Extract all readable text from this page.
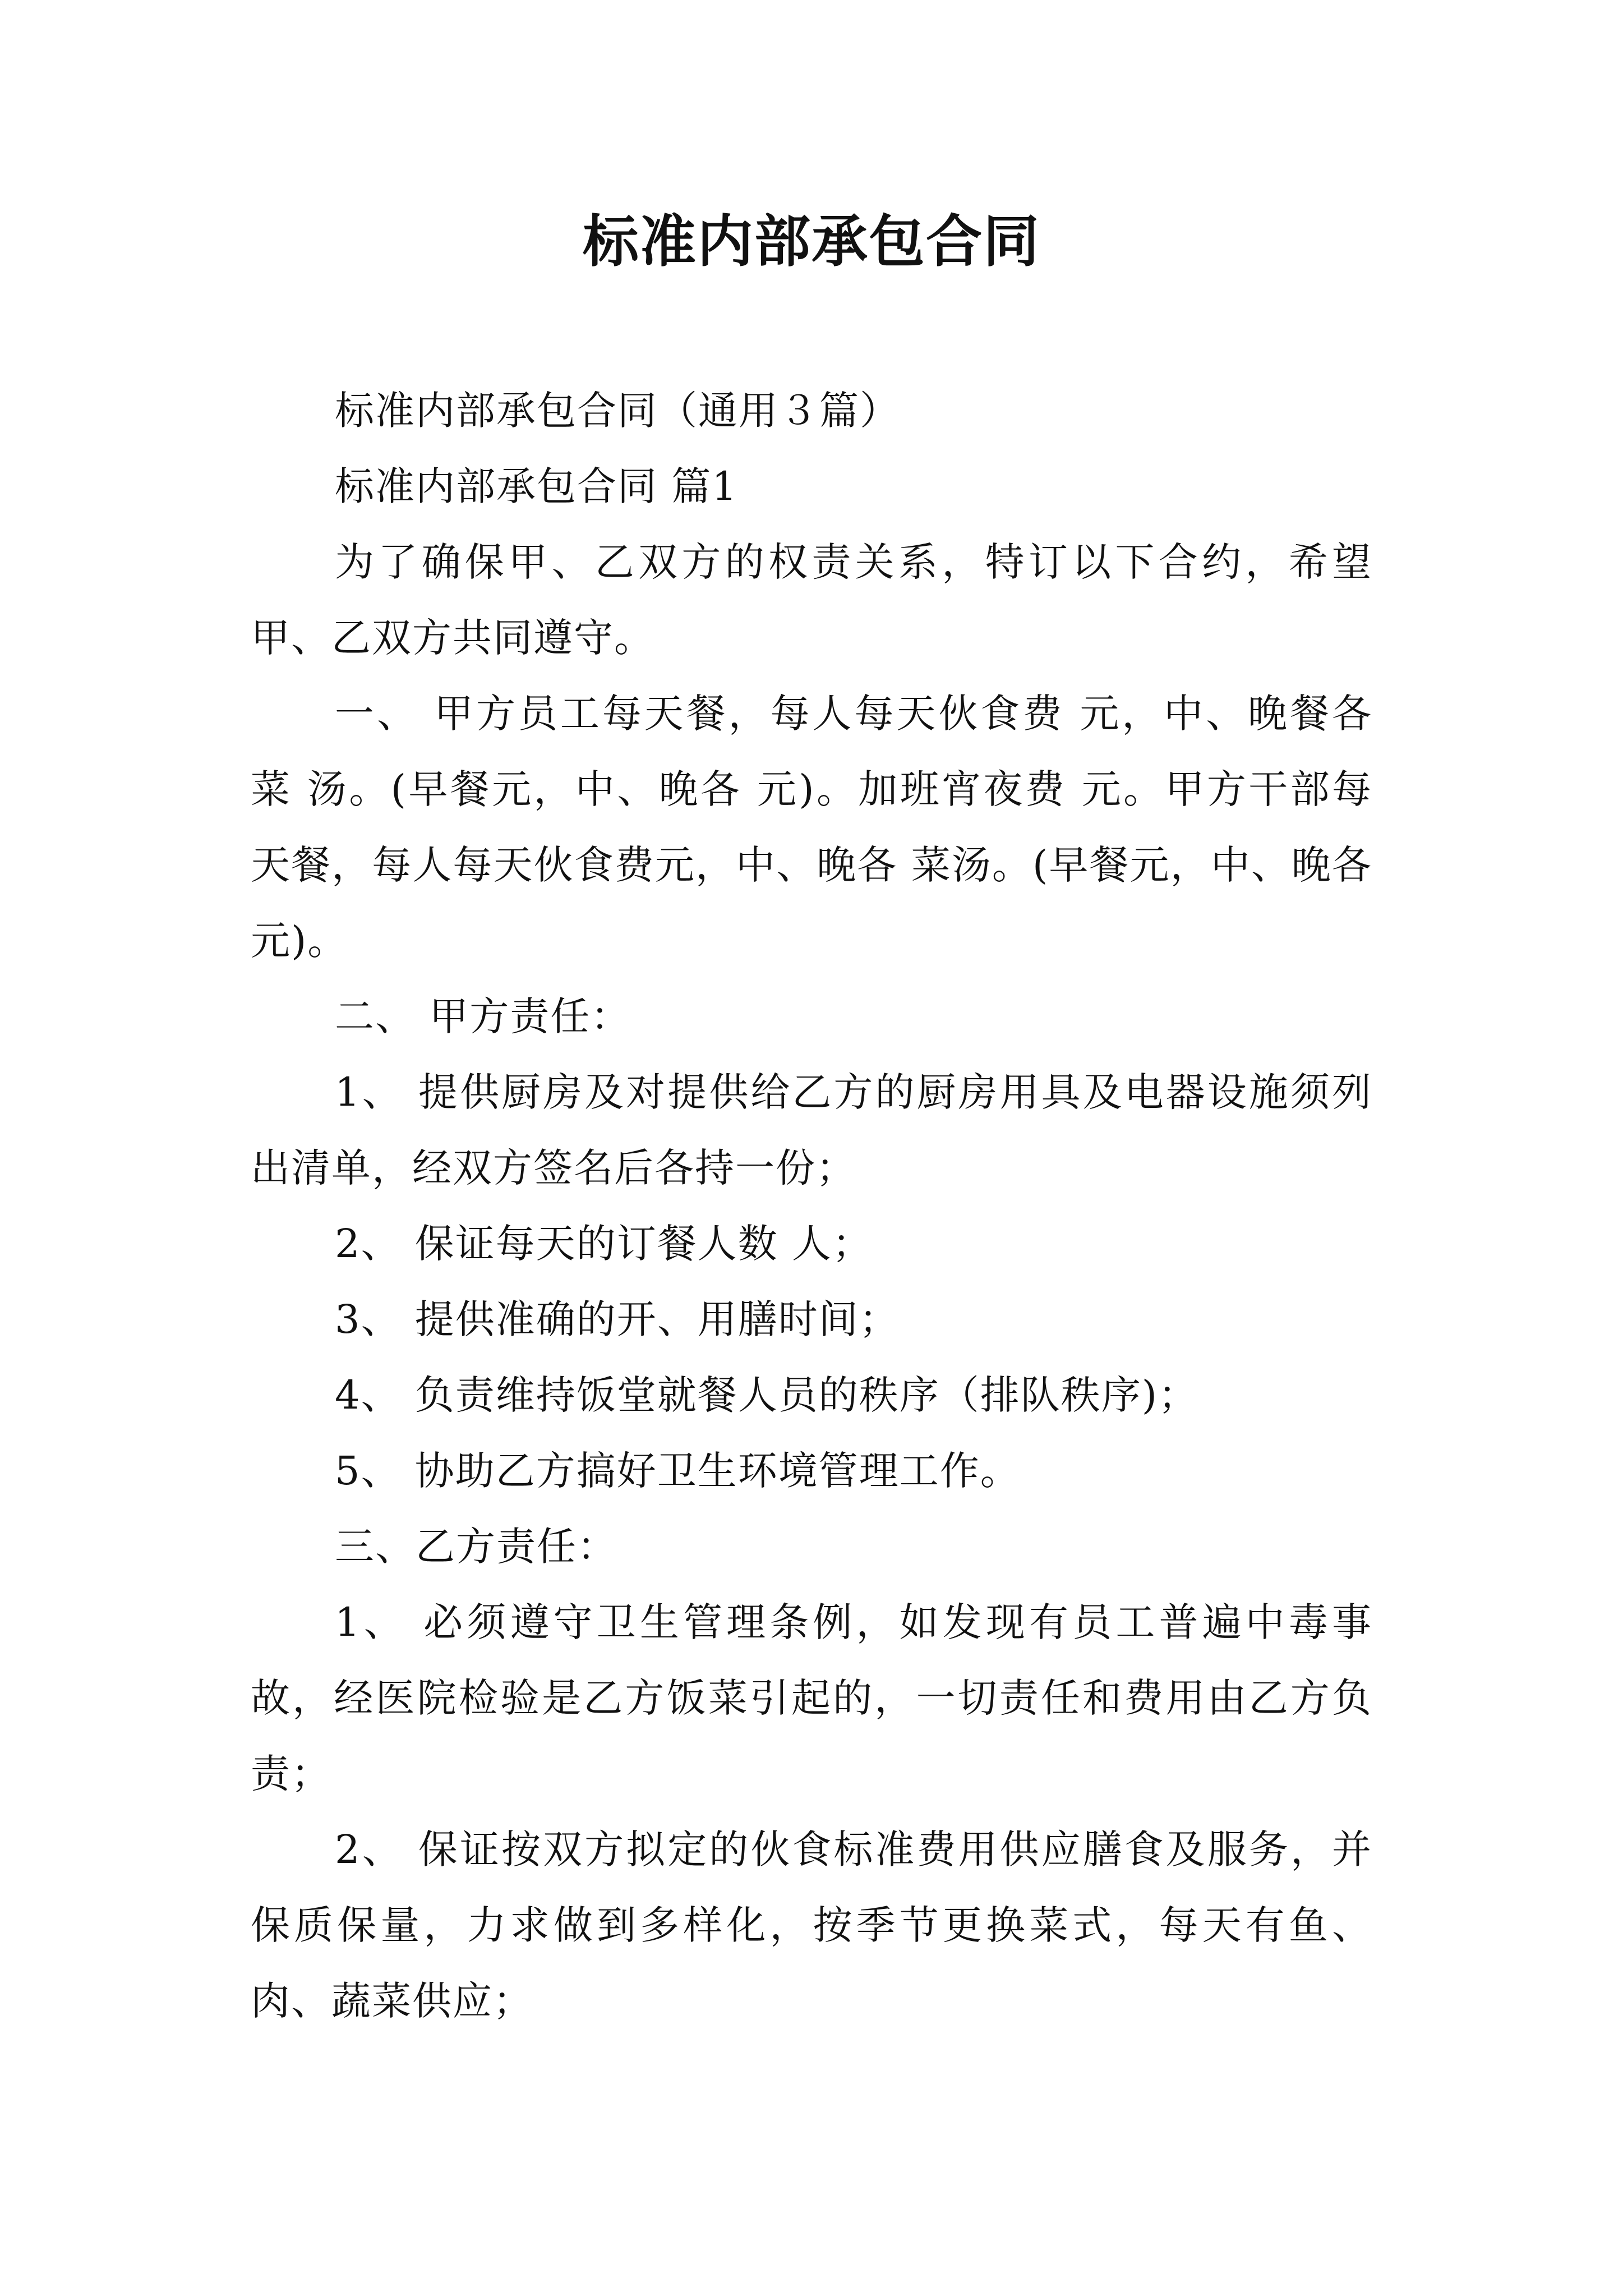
标准内部承包合同

标准内部承包合同（通用３篇）

标准内部承包合同 篇1

为了确保甲、乙双方的权责关系，特订以下合约，希望甲、乙双方共同遵守。

一、 甲方员工每天餐，每人每天伙食费 元，中、晚餐各 菜 汤。(早餐元，中、晚各 元)。加班宵夜费 元。甲方干部每天餐，每人每天伙食费元，中、晚各 菜汤。(早餐元，中、晚各 元)。

二、 甲方责任：

1、 提供厨房及对提供给乙方的厨房用具及电器设施须列出清单，经双方签名后各持一份；

2、 保证每天的订餐人数 人；

3、 提供准确的开、用膳时间；

4、 负责维持饭堂就餐人员的秩序（排队秩序)；

5、 协助乙方搞好卫生环境管理工作。

三、乙方责任：

1、 必须遵守卫生管理条例，如发现有员工普遍中毒事故，经医院检验是乙方饭菜引起的，一切责任和费用由乙方负责；

2、 保证按双方拟定的伙食标准费用供应膳食及服务，并保质保量，力求做到多样化，按季节更换菜式，每天有鱼、肉、蔬菜供应；
